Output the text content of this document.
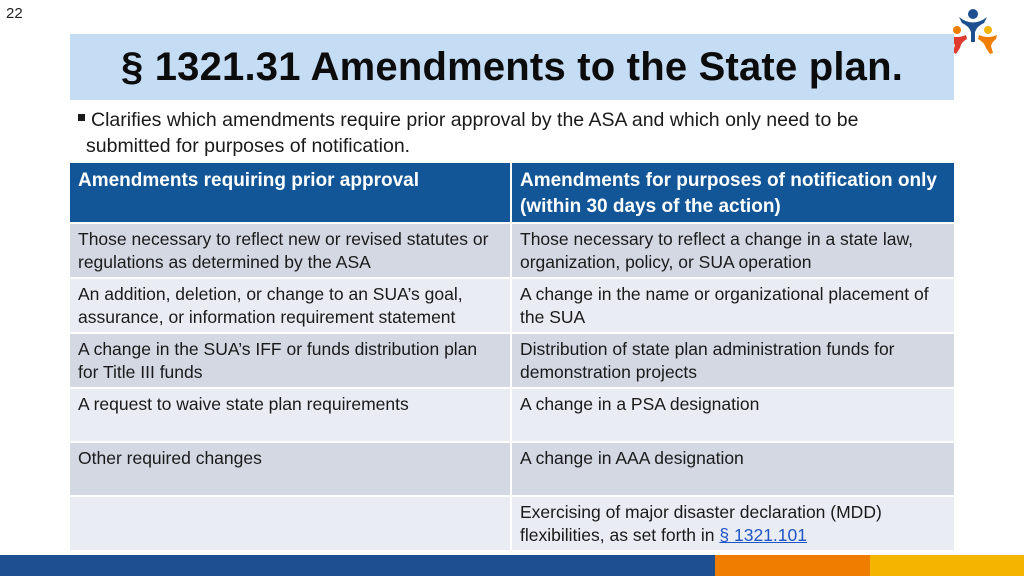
22
§ 1321.31 Amendments to the State plan.
Clarifies which amendments require prior approval by the ASA and which only need to be
submitted for purposes of notification.
Amendments requiring prior approval	Amendments for purposes of notification only (within 30 days of the action)
Those necessary to reflect new or revised statutes or regulations as determined by the ASA	Those necessary to reflect a change in a state law, organization, policy, or SUA operation
An addition, deletion, or change to an SUA’s goal, assurance, or information requirement statement	A change in the name or organizational placement of the SUA
A change in the SUA’s IFF or funds distribution plan for Title III funds	Distribution of state plan administration funds for demonstration projects
A request to waive state plan requirements	A change in a PSA designation
Other required changes	A change in AAA designation
	Exercising of major disaster declaration (MDD) flexibilities, as set forth in § 1321.101
